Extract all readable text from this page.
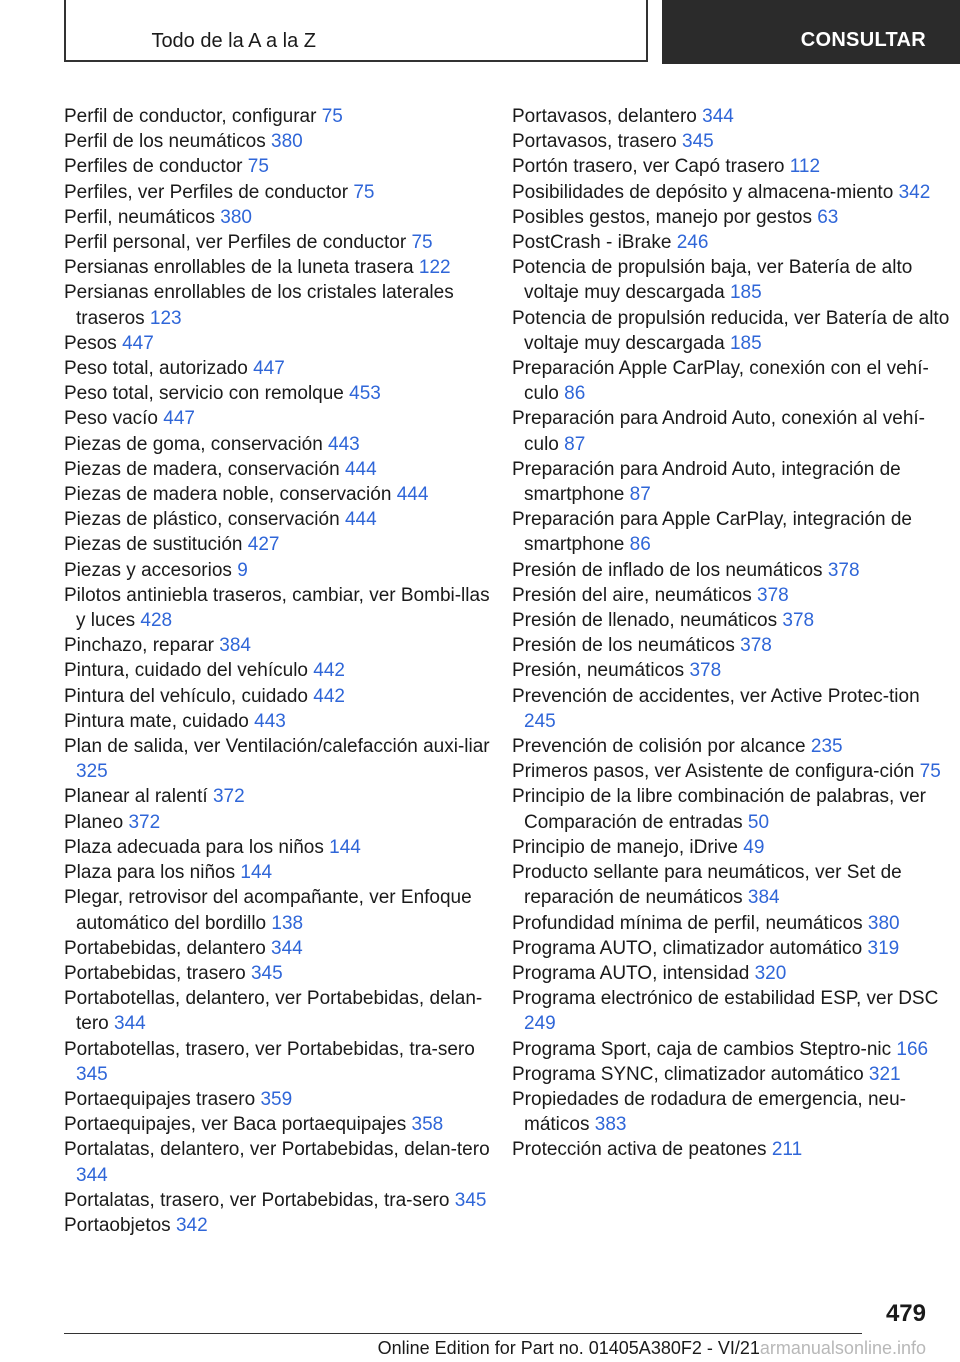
Todo de la A a la Z	CONSULTAR
Perfil de conductor, configurar 75
Perfil de los neumáticos 380
Perfiles de conductor 75
Perfiles, ver Perfiles de conductor 75
Perfil, neumáticos 380
Perfil personal, ver Perfiles de conductor 75
Persianas enrollables de la luneta trasera 122
Persianas enrollables de los cristales laterales traseros 123
Pesos 447
Peso total, autorizado 447
Peso total, servicio con remolque 453
Peso vacío 447
Piezas de goma, conservación 443
Piezas de madera, conservación 444
Piezas de madera noble, conservación 444
Piezas de plástico, conservación 444
Piezas de sustitución 427
Piezas y accesorios 9
Pilotos antiniebla traseros, cambiar, ver Bombi-llas y luces 428
Pinchazo, reparar 384
Pintura, cuidado del vehículo 442
Pintura del vehículo, cuidado 442
Pintura mate, cuidado 443
Plan de salida, ver Ventilación/calefacción auxi-liar 325
Planear al ralentí 372
Planeo 372
Plaza adecuada para los niños 144
Plaza para los niños 144
Plegar, retrovisor del acompañante, ver Enfoque automático del bordillo 138
Portabebidas, delantero 344
Portabebidas, trasero 345
Portabotellas, delantero, ver Portabebidas, delan-tero 344
Portabotellas, trasero, ver Portabebidas, tra-sero 345
Portaequipajes trasero 359
Portaequipajes, ver Baca portaequipajes 358
Portalatas, delantero, ver Portabebidas, delan-tero 344
Portalatas, trasero, ver Portabebidas, tra-sero 345
Portaobjetos 342
Portavasos, delantero 344
Portavasos, trasero 345
Portón trasero, ver Capó trasero 112
Posibilidades de depósito y almacena-miento 342
Posibles gestos, manejo por gestos 63
PostCrash - iBrake 246
Potencia de propulsión baja, ver Batería de alto voltaje muy descargada 185
Potencia de propulsión reducida, ver Batería de alto voltaje muy descargada 185
Preparación Apple CarPlay, conexión con el vehí-culo 86
Preparación para Android Auto, conexión al vehí-culo 87
Preparación para Android Auto, integración de smartphone 87
Preparación para Apple CarPlay, integración de smartphone 86
Presión de inflado de los neumáticos 378
Presión del aire, neumáticos 378
Presión de llenado, neumáticos 378
Presión de los neumáticos 378
Presión, neumáticos 378
Prevención de accidentes, ver Active Protec-tion 245
Prevención de colisión por alcance 235
Primeros pasos, ver Asistente de configura-ción 75
Principio de la libre combinación de palabras, ver Comparación de entradas 50
Principio de manejo, iDrive 49
Producto sellante para neumáticos, ver Set de reparación de neumáticos 384
Profundidad mínima de perfil, neumáticos 380
Programa AUTO, climatizador automático 319
Programa AUTO, intensidad 320
Programa electrónico de estabilidad ESP, ver DSC 249
Programa Sport, caja de cambios Steptro-nic 166
Programa SYNC, climatizador automático 321
Propiedades de rodadura de emergencia, neu-máticos 383
Protección activa de peatones 211
479
Online Edition for Part no. 01405A380F2 - VI/21armanualsonline.info
